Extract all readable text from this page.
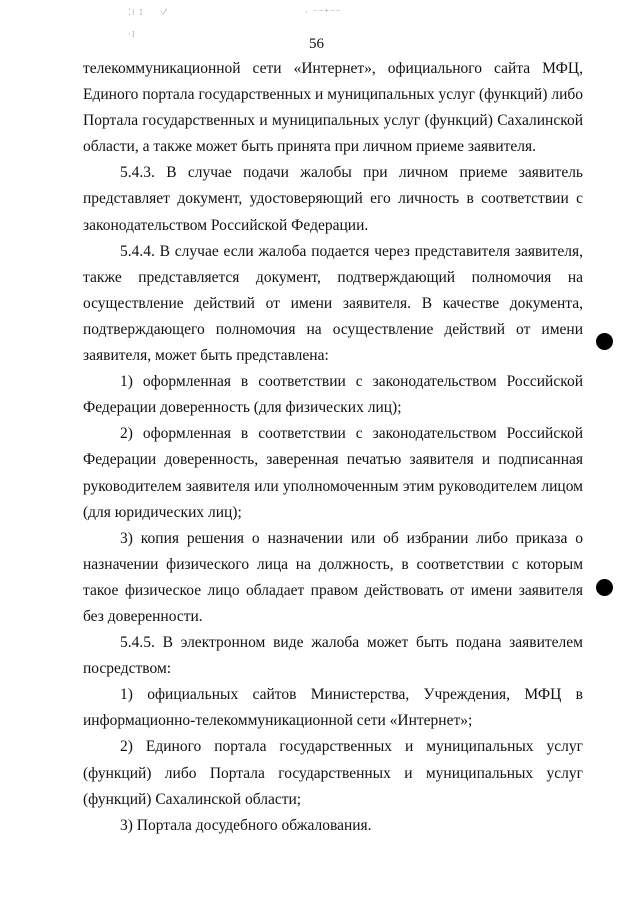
⁚⁝ ⁞ ·⁄
·⁞
· ⁻⁻⁺⁻⁻
56

телекоммуникационной сети «Интернет», официального сайта МФЦ, Единого портала государственных и муниципальных услуг (функций) либо Портала государственных и муниципальных услуг (функций) Сахалинской области, а также может быть принята при личном приеме заявителя.

5.4.3. В случае подачи жалобы при личном приеме заявитель представляет документ, удостоверяющий его личность в соответствии с законодательством Российской Федерации.

5.4.4. В случае если жалоба подается через представителя заявителя, также представляется документ, подтверждающий полномочия на осуществление действий от имени заявителя. В качестве документа, подтверждающего полномочия на осуществление действий от имени заявителя, может быть представлена:

1) оформленная в соответствии с законодательством Российской Федерации доверенность (для физических лиц);

2) оформленная в соответствии с законодательством Российской Федерации доверенность, заверенная печатью заявителя и подписанная руководителем заявителя или уполномоченным этим руководителем лицом (для юридических лиц);

3) копия решения о назначении или об избрании либо приказа о назначении физического лица на должность, в соответствии с которым такое физическое лицо обладает правом действовать от имени заявителя без доверенности.

5.4.5. В электронном виде жалоба может быть подана заявителем посредством:

1) официальных сайтов Министерства, Учреждения, МФЦ в информационно-телекоммуникационной сети «Интернет»;

2) Единого портала государственных и муниципальных услуг (функций) либо Портала государственных и муниципальных услуг (функций) Сахалинской области;

3) Портала досудебного обжалования.
